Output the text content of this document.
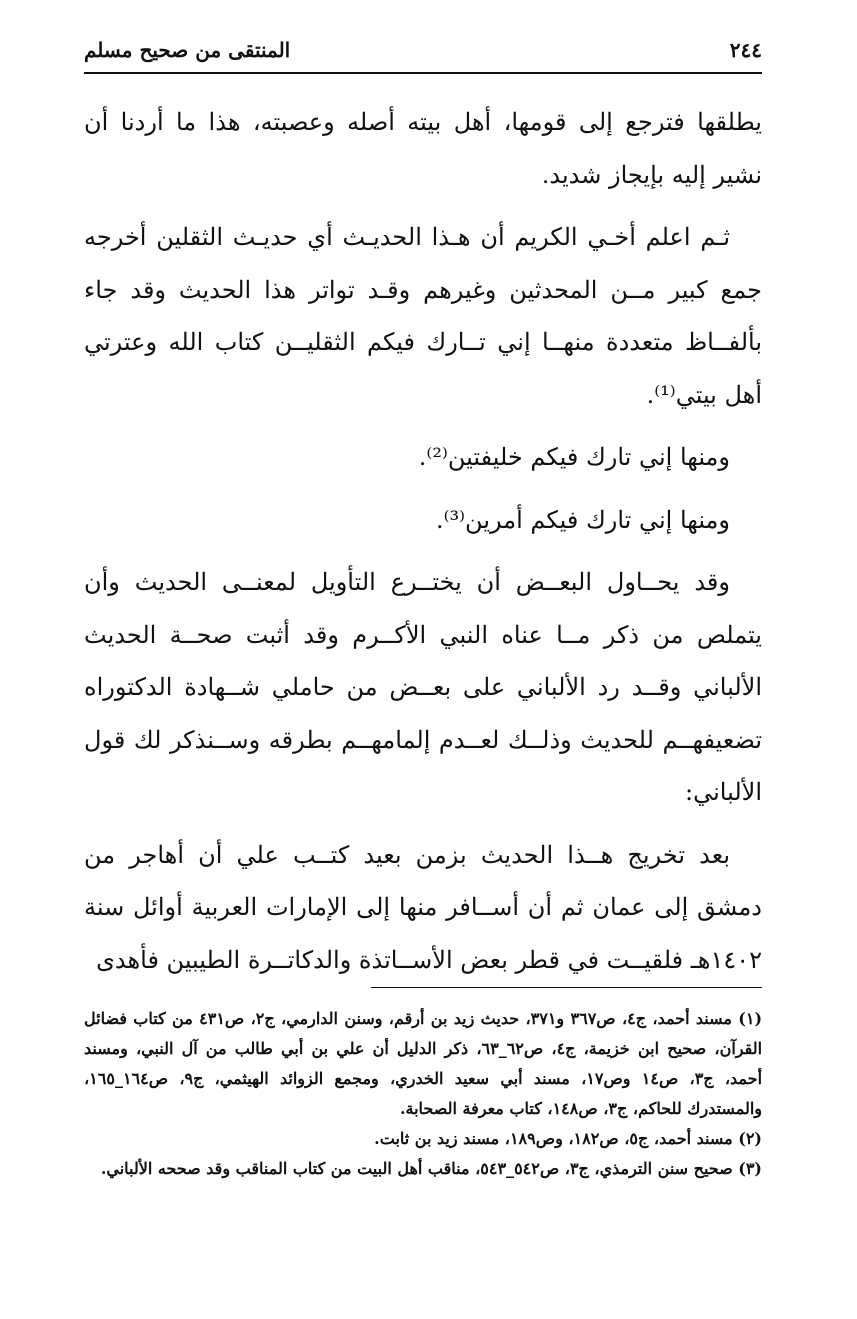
المنتقى من صحيح مسلم	٢٤٤

يطلقها فترجع إلى قومها، أهل بيته أصله وعصبته، هذا ما أردنا أن نشير إليه بإيجاز شديد.

ثـم اعلم أخـي الكريم أن هـذا الحديـث أي حديـث الثقلين أخرجه جمع كبير مــن المحدثين وغيرهم وقـد تواتر هذا الحديث وقد جاء بألفــاظ متعددة منهــا إني تــارك فيكم الثقليــن كتاب الله وعترتي أهل بيتي⁽¹⁾.

ومنها إني تارك فيكم خليفتين⁽²⁾.

ومنها إني تارك فيكم أمرين⁽³⁾.

وقد يحــاول البعــض أن يختــرع التأويل لمعنــى الحديث وأن يتملص من ذكر مــا عناه النبي الأكــرم وقد أثبت صحــة الحديث الألباني وقــد رد الألباني على بعــض من حاملي شــهادة الدكتوراه تضعيفهــم للحديث وذلــك لعــدم إلمامهــم بطرقه وســنذكر لك قول الألباني:

بعد تخريج هــذا الحديث بزمن بعيد كتــب علي أن أهاجر من دمشق إلى عمان ثم أن أســافر منها إلى الإمارات العربية أوائل سنة ١٤٠٢هـ فلقيــت في قطر بعض الأســاتذة والدكاتــرة الطيبين فأهدى

(١) مسند أحمد، ج٤، ص٣٦٧ و٣٧١، حديث زيد بن أرقم، وسنن الدارمي، ج٢، ص٤٣١ من كتاب فضائل القرآن، صحيح ابن خزيمة، ج٤، ص٦٢_٦٣، ذكر الدليل أن علي بن أبي طالب من آل النبي، ومسند أحمد، ج٣، ص١٤ وص١٧، مسند أبي سعيد الخدري، ومجمع الزوائد الهيثمي، ج٩، ص١٦٤_١٦٥، والمستدرك للحاكم، ج٣، ص١٤٨، كتاب معرفة الصحابة.

(٢) مسند أحمد، ج٥، ص١٨٢، وص١٨٩، مسند زيد بن ثابت.

(٣) صحيح سنن الترمذي، ج٣، ص٥٤٢_٥٤٣، مناقب أهل البيت من كتاب المناقب وقد صححه الألباني.
